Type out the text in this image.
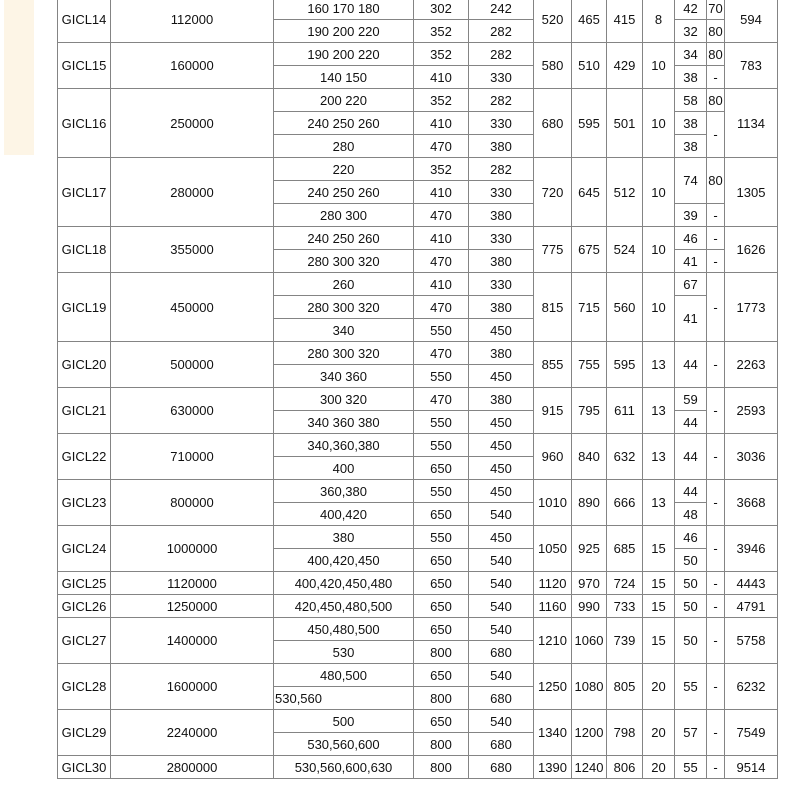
GICL14	112000	160 170 180	302	242	520	465	415	8	42	70	594
		190 200 220	352	282					32	80	
GICL15	160000	190 200 220	352	282	580	510	429	10	34	80	783
		140 150	410	330					38	-	
GICL16	250000	200 220	352	282	680	595	501	10	58	80	1134
		240 250 260	410	330					38	-	
		280	470	380					38		
GICL17	280000	220	352	282	720	645	512	10	74	80	1305
		240 250 260	410	330							
		280 300	470	380					39	-	
GICL18	355000	240 250 260	410	330	775	675	524	10	46	-	1626
		280 300 320	470	380					41	-	
GICL19	450000	260	410	330	815	715	560	10	67	-	1773
		280 300 320	470	380					41		
		340	550	450							
GICL20	500000	280 300 320	470	380	855	755	595	13	44	-	2263
		340 360	550	450							
GICL21	630000	300 320	470	380	915	795	611	13	59	-	2593
		340 360 380	550	450					44		
GICL22	710000	340,360,380	550	450	960	840	632	13	44	-	3036
		400	650	450							
GICL23	800000	360,380	550	450	1010	890	666	13	44	-	3668
		400,420	650	540					48		
GICL24	1000000	380	550	450	1050	925	685	15	46	-	3946
		400,420,450	650	540					50		
GICL25	1120000	400,420,450,480	650	540	1120	970	724	15	50	-	4443
GICL26	1250000	420,450,480,500	650	540	1160	990	733	15	50	-	4791
GICL27	1400000	450,480,500	650	540	1210	1060	739	15	50	-	5758
		530	800	680							
GICL28	1600000	480,500	650	540	1250	1080	805	20	55	-	6232
		530,560	800	680							
GICL29	2240000	500	650	540	1340	1200	798	20	57	-	7549
		530,560,600	800	680							
GICL30	2800000	530,560,600,630	800	680	1390	1240	806	20	55	-	9514
